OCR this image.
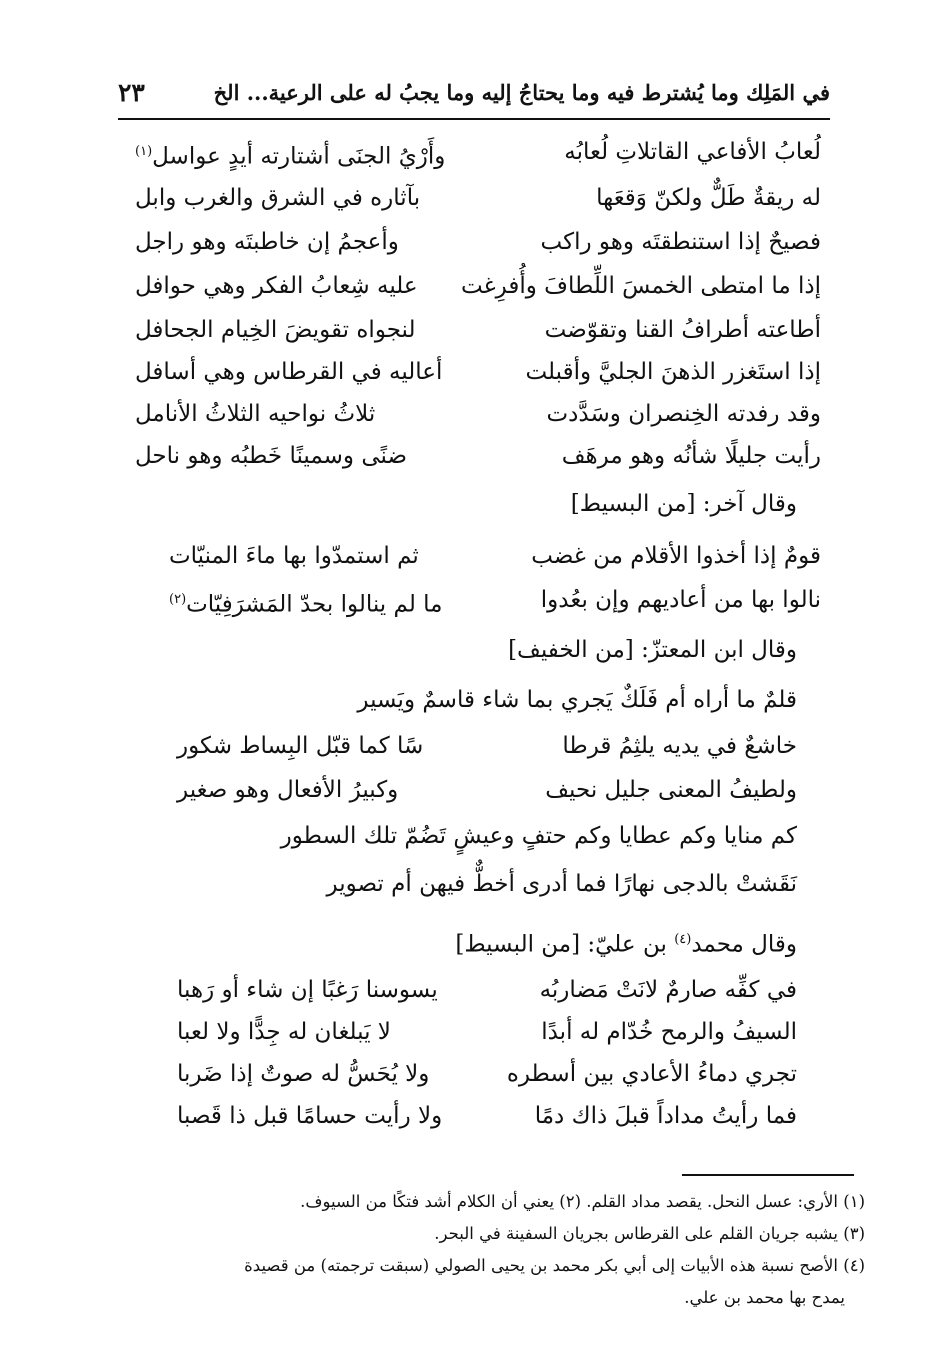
في المَلِك وما يُشترط فيه وما يحتاجُ إليه وما يجبُ له على الرعية... الخ
٢٣
لُعابُ الأفاعي القاتلاتِ لُعابُه
وأَرْيُ الجنَى أشتارته أيدٍ عواسل$^{(١)}$
له ريقةٌ طَلٌّ ولكنّ وَقعَها
بآثاره في الشرق والغرب وابل
فصيحٌ إذا استنطقتَه وهو راكب
وأعجمُ إن خاطبتَه وهو راجل
إذا ما امتطى الخمسَ اللِّطافَ وأُفرِغت
عليه شِعابُ الفكر وهي حوافل
أطاعته أطرافُ القنا وتقوّضت
لنجواه تقويضَ الخِيام الجحافل
إذا استَغزر الذهنَ الجليَّ وأقبلت
أعاليه في القرطاس وهي أسافل
وقد رفدته الخِنصران وسَدَّدت
ثلاثُ نواحيه الثلاثُ الأنامل
رأيت جليلًا شأنُه وهو مرهَف
ضنًى وسمينًا خَطبُه وهو ناحل
وقال آخر: [من البسيط]
قومٌ إذا أخذوا الأقلام من غضب
ثم استمدّوا بها ماءَ المنيّات
نالوا بها من أعاديهم وإن بعُدوا
ما لم ينالوا بحدّ المَشرَفِيّات$^{(٢)}$
وقال ابن المعتزّ: [من الخفيف]
قلمٌ ما أراه أم فَلَكٌ يَجري بما شاء قاسمٌ ويَسير
خاشعٌ في يديه يلثِمُ قرطا
سًا كما قبّل البِساط شكور
ولطيفُ المعنى جليل نحيف
وكبيرُ الأفعال وهو صغير
كم منايا وكم عطايا وكم حتفٍ وعيشٍ تَضُمّ تلك السطور
نَقَشتْ بالدجى نهارًا فما أدرى أخطٌّ فيهن أم تصوير
وقال محمد$^{(٤)}$ بن عليّ: [من البسيط]
في كفِّه صارمٌ لانَتْ مَضاربُه
يسوسنا رَغبًا إن شاء أو رَهبا
السيفُ والرمح خُدّام له أبدًا
لا يَبلغان له جِدًّا ولا لعبا
تجري دماءُ الأعادي بين أسطره
ولا يُحَسُّ له صوتٌ إذا ضَربا
فما رأيتُ مداداً قبلَ ذاك دمًا
ولا رأيت حسامًا قبل ذا قَصبا
(١) الأري: عسل النحل. يقصد مداد القلم. (٢) يعني أن الكلام أشد فتكًا من السيوف.
(٣) يشبه جريان القلم على القرطاس بجريان السفينة في البحر.
(٤) الأصح نسبة هذه الأبيات إلى أبي بكر محمد بن يحيى الصولي (سبقت ترجمته) من قصيدة
يمدح بها محمد بن علي.
